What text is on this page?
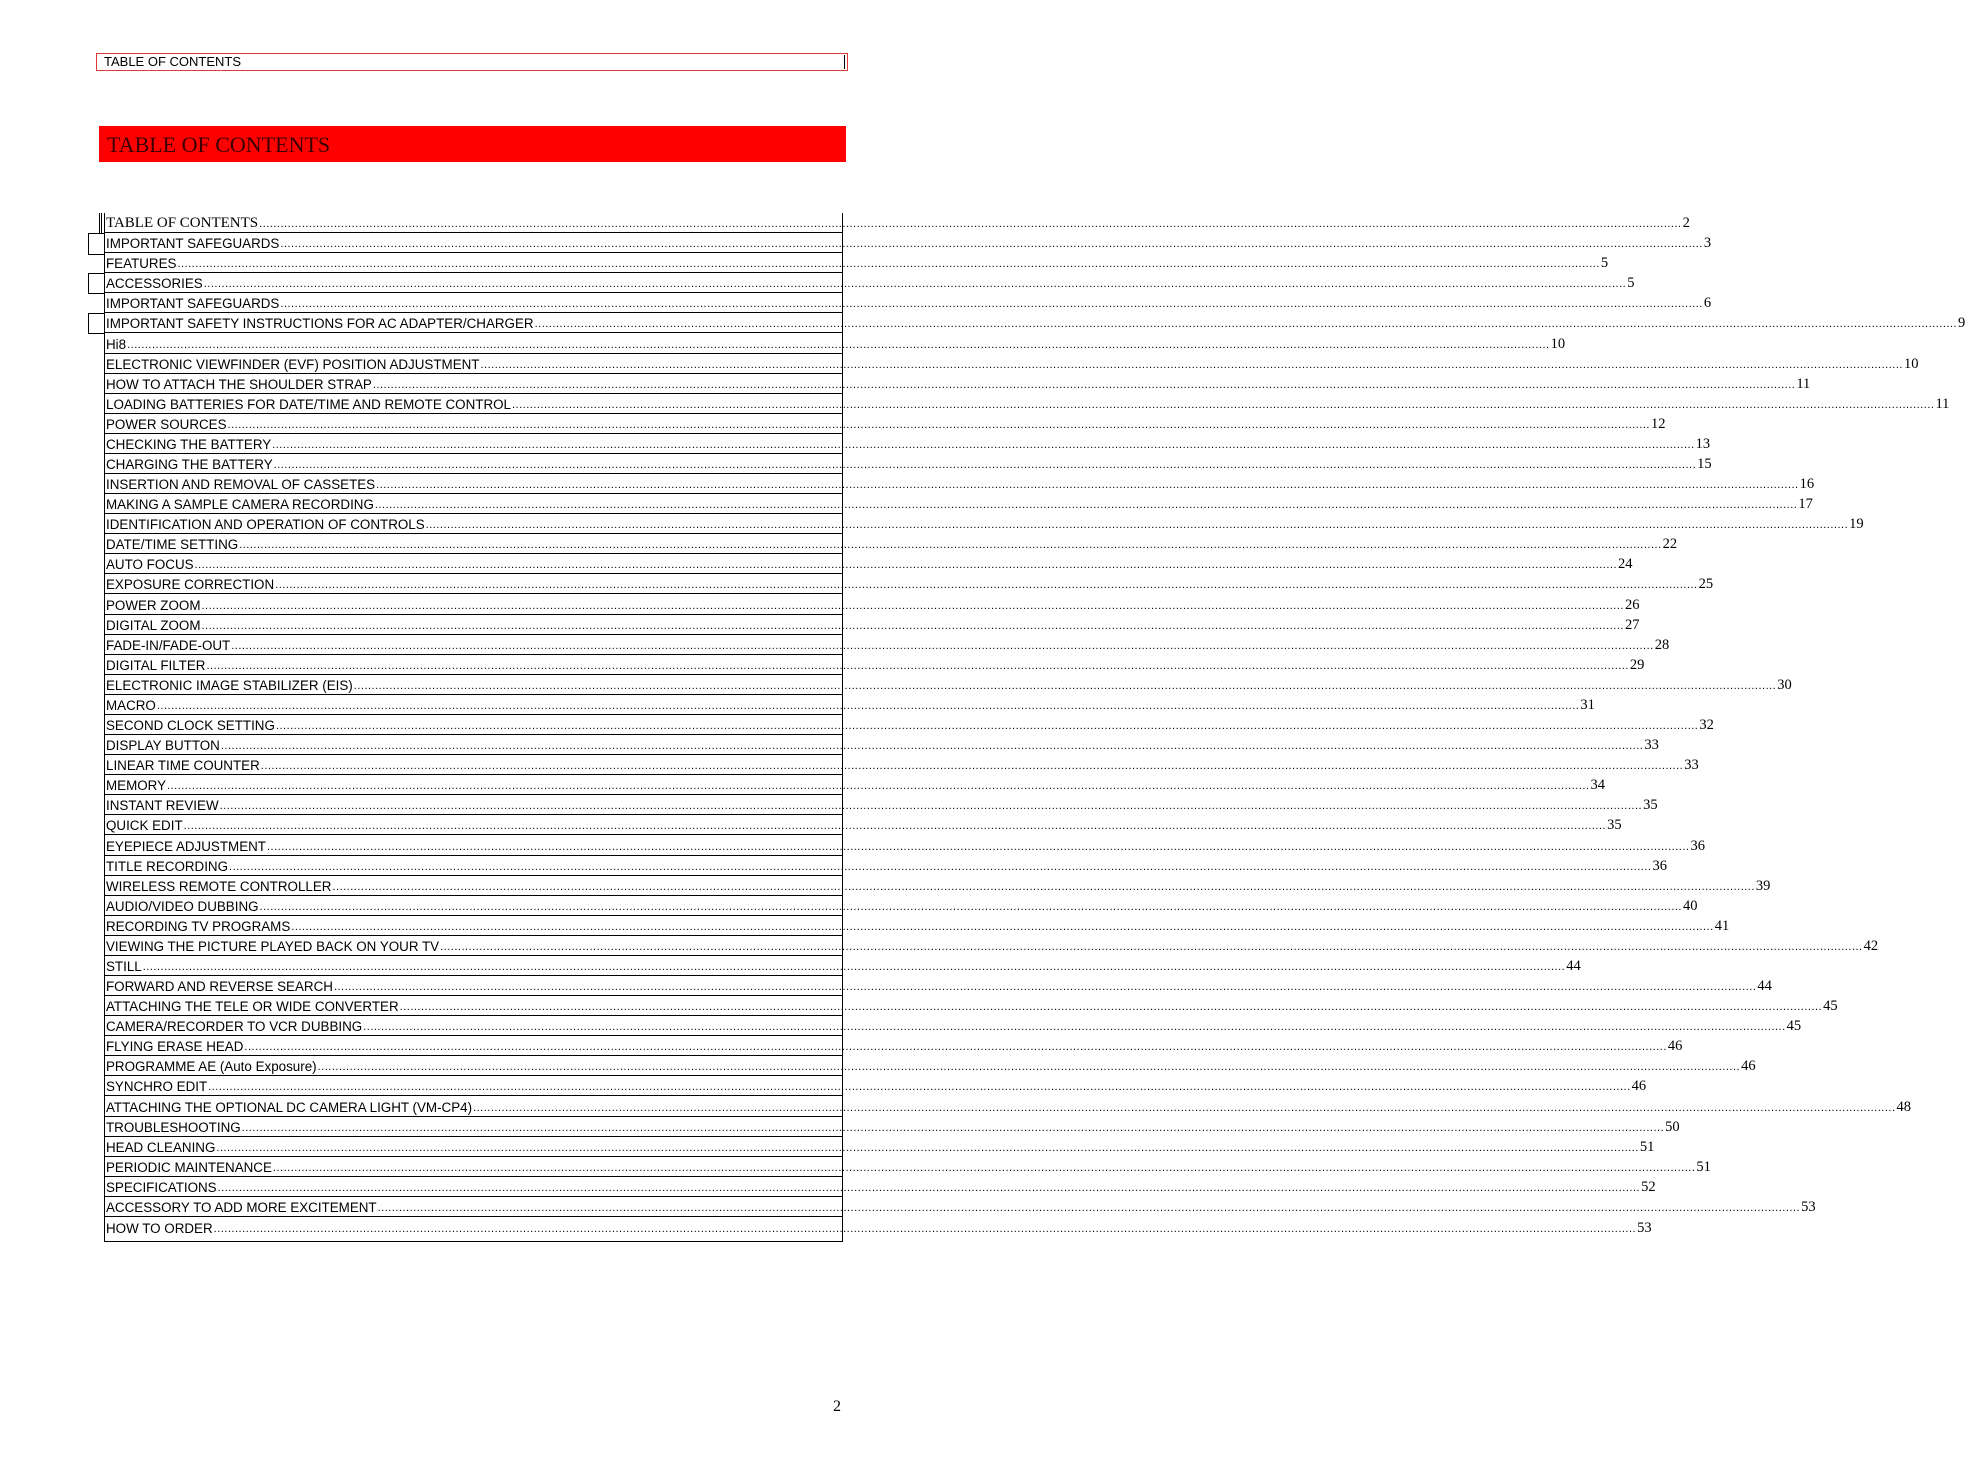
TABLE OF CONTENTS
TABLE OF CONTENTS
TABLE OF CONTENTS ................................................................................................................................................................................................................................................................................................................................................................................................................ 2
IMPORTANT SAFEGUARDS ................................................................................................................................................................................................................................................................................................................................................................................................................ 3
FEATURES ................................................................................................................................................................................................................................................................................................................................................................................................................ 5
ACCESSORIES ................................................................................................................................................................................................................................................................................................................................................................................................................ 5
IMPORTANT SAFEGUARDS ................................................................................................................................................................................................................................................................................................................................................................................................................ 6
IMPORTANT SAFETY INSTRUCTIONS FOR AC ADAPTER/CHARGER ................................................................................................................................................................................................................................................................................................................................................................................................................ 9
Hi8 ................................................................................................................................................................................................................................................................................................................................................................................................................ 10
ELECTRONIC VIEWFINDER (EVF) POSITION ADJUSTMENT ................................................................................................................................................................................................................................................................................................................................................................................................................ 10
HOW TO ATTACH THE SHOULDER STRAP ................................................................................................................................................................................................................................................................................................................................................................................................................ 11
LOADING BATTERIES FOR DATE/TIME AND REMOTE CONTROL ................................................................................................................................................................................................................................................................................................................................................................................................................ 11
POWER SOURCES ................................................................................................................................................................................................................................................................................................................................................................................................................ 12
CHECKING THE BATTERY ................................................................................................................................................................................................................................................................................................................................................................................................................ 13
CHARGING THE BATTERY ................................................................................................................................................................................................................................................................................................................................................................................................................ 15
INSERTION AND REMOVAL OF CASSETES ................................................................................................................................................................................................................................................................................................................................................................................................................ 16
MAKING A SAMPLE CAMERA RECORDING ................................................................................................................................................................................................................................................................................................................................................................................................................ 17
IDENTIFICATION AND OPERATION OF CONTROLS ................................................................................................................................................................................................................................................................................................................................................................................................................ 19
DATE/TIME SETTING ................................................................................................................................................................................................................................................................................................................................................................................................................ 22
AUTO FOCUS ................................................................................................................................................................................................................................................................................................................................................................................................................ 24
EXPOSURE CORRECTION ................................................................................................................................................................................................................................................................................................................................................................................................................ 25
POWER ZOOM ................................................................................................................................................................................................................................................................................................................................................................................................................ 26
DIGITAL ZOOM ................................................................................................................................................................................................................................................................................................................................................................................................................ 27
FADE-IN/FADE-OUT ................................................................................................................................................................................................................................................................................................................................................................................................................ 28
DIGITAL FILTER ................................................................................................................................................................................................................................................................................................................................................................................................................ 29
ELECTRONIC IMAGE STABILIZER (EIS) ................................................................................................................................................................................................................................................................................................................................................................................................................ 30
MACRO ................................................................................................................................................................................................................................................................................................................................................................................................................ 31
SECOND CLOCK SETTING ................................................................................................................................................................................................................................................................................................................................................................................................................ 32
DISPLAY BUTTON ................................................................................................................................................................................................................................................................................................................................................................................................................ 33
LINEAR TIME COUNTER ................................................................................................................................................................................................................................................................................................................................................................................................................ 33
MEMORY ................................................................................................................................................................................................................................................................................................................................................................................................................ 34
INSTANT REVIEW ................................................................................................................................................................................................................................................................................................................................................................................................................ 35
QUICK EDIT ................................................................................................................................................................................................................................................................................................................................................................................................................ 35
EYEPIECE ADJUSTMENT ................................................................................................................................................................................................................................................................................................................................................................................................................ 36
TITLE RECORDING ................................................................................................................................................................................................................................................................................................................................................................................................................ 36
WIRELESS REMOTE CONTROLLER ................................................................................................................................................................................................................................................................................................................................................................................................................ 39
AUDIO/VIDEO DUBBING ................................................................................................................................................................................................................................................................................................................................................................................................................ 40
RECORDING TV PROGRAMS ................................................................................................................................................................................................................................................................................................................................................................................................................ 41
VIEWING THE PICTURE PLAYED BACK ON YOUR TV ................................................................................................................................................................................................................................................................................................................................................................................................................ 42
STILL ................................................................................................................................................................................................................................................................................................................................................................................................................ 44
FORWARD AND REVERSE SEARCH ................................................................................................................................................................................................................................................................................................................................................................................................................ 44
ATTACHING THE TELE OR WIDE CONVERTER ................................................................................................................................................................................................................................................................................................................................................................................................................ 45
CAMERA/RECORDER TO VCR DUBBING ................................................................................................................................................................................................................................................................................................................................................................................................................ 45
FLYING ERASE HEAD ................................................................................................................................................................................................................................................................................................................................................................................................................ 46
PROGRAMME AE (Auto Exposure) ................................................................................................................................................................................................................................................................................................................................................................................................................ 46
SYNCHRO EDIT ................................................................................................................................................................................................................................................................................................................................................................................................................ 46
ATTACHING THE OPTIONAL DC CAMERA LIGHT (VM-CP4) ................................................................................................................................................................................................................................................................................................................................................................................................................ 48
TROUBLESHOOTING ................................................................................................................................................................................................................................................................................................................................................................................................................ 50
HEAD CLEANING ................................................................................................................................................................................................................................................................................................................................................................................................................ 51
PERIODIC MAINTENANCE ................................................................................................................................................................................................................................................................................................................................................................................................................ 51
SPECIFICATIONS ................................................................................................................................................................................................................................................................................................................................................................................................................ 52
ACCESSORY TO ADD MORE EXCITEMENT ................................................................................................................................................................................................................................................................................................................................................................................................................ 53
HOW TO ORDER ................................................................................................................................................................................................................................................................................................................................................................................................................ 53
2
